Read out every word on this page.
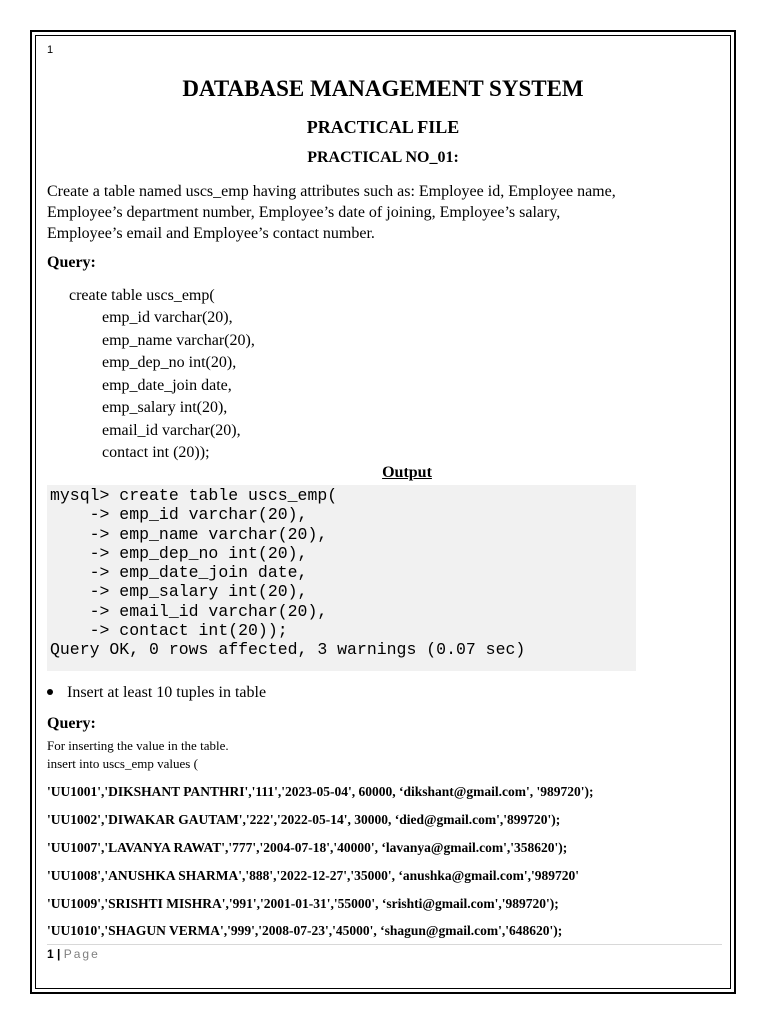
1
DATABASE MANAGEMENT SYSTEM
PRACTICAL FILE
PRACTICAL NO_01:
Create a table named uscs_emp having attributes such as: Employee id, Employee name,
Employee’s department number, Employee’s date of joining, Employee’s salary,
Employee’s email and Employee’s contact number.
Query:
create table uscs_emp(
emp_id varchar(20),
emp_name varchar(20),
emp_dep_no int(20),
emp_date_join date,
emp_salary int(20),
email_id varchar(20),
contact int (20));
Output
mysql> create table uscs_emp(
-> emp_id varchar(20),
-> emp_name varchar(20),
-> emp_dep_no int(20),
-> emp_date_join date,
-> emp_salary int(20),
-> email_id varchar(20),
-> contact int(20));
Query OK, 0 rows affected, 3 warnings (0.07 sec)
Insert at least 10 tuples in table
Query:
For inserting the value in the table.
insert into uscs_emp values (
'UU1001','DIKSHANT PANTHRI','111','2023-05-04', 60000, ‘dikshant@gmail.com', '989720');
'UU1002','DIWAKAR GAUTAM','222','2022-05-14', 30000, ‘died@gmail.com','899720');
'UU1007','LAVANYA RAWAT','777','2004-07-18','40000', ‘lavanya@gmail.com','358620');
'UU1008','ANUSHKA SHARMA','888','2022-12-27','35000', ‘anushka@gmail.com','989720'
'UU1009','SRISHTI MISHRA','991','2001-01-31','55000', ‘srishti@gmail.com','989720');
'UU1010','SHAGUN VERMA','999','2008-07-23','45000', ‘shagun@gmail.com','648620');
1 | Page
